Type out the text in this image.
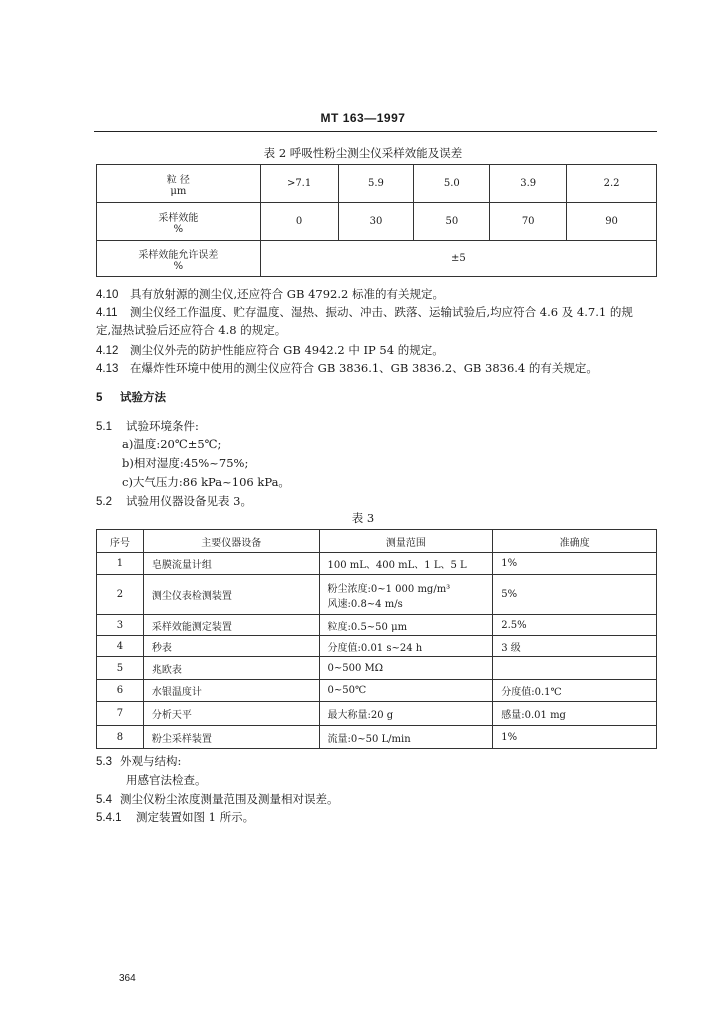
MT 163—1997
表 2 呼吸性粉尘测尘仪采样效能及误差
粒 径
μm	>7.1	5.9	5.0	3.9	2.2
采样效能
%	0	30	50	70	90
采样效能允许误差
%	±5				
4.10 具有放射源的测尘仪,还应符合 GB 4792.2 标准的有关规定。
4.11 测尘仪经工作温度、贮存温度、湿热、振动、冲击、跌落、运输试验后,均应符合 4.6 及 4.7.1 的规
定,湿热试验后还应符合 4.8 的规定。
4.12 测尘仪外壳的防护性能应符合 GB 4942.2 中 IP 54 的规定。
4.13 在爆炸性环境中使用的测尘仪应符合 GB 3836.1、GB 3836.2、GB 3836.4 的有关规定。
5 试验方法
5.1 试验环境条件:
a)温度:20℃±5℃;
b)相对湿度:45%~75%;
c)大气压力:86 kPa~106 kPa。
5.2 试验用仪器设备见表 3。
表 3
序号	主要仪器设备	测量范围	准确度
1	皂膜流量计组	100 mL、400 mL、1 L、5 L	1%
2	测尘仪表检测装置	粉尘浓度:0~1 000 mg/m³
风速:0.8~4 m/s	5%
3	采样效能测定装置	粒度:0.5~50 μm	2.5%
4	秒表	分度值:0.01 s~24 h	3 级
5	兆欧表	0~500 MΩ	
6	水银温度计	0~50℃	分度值:0.1℃
7	分析天平	最大称量:20 g	感量:0.01 mg
8	粉尘采样装置	流量:0~50 L/min	1%
5.3 外观与结构:
用感官法检查。
5.4 测尘仪粉尘浓度测量范围及测量相对误差。
5.4.1 测定装置如图 1 所示。
364
